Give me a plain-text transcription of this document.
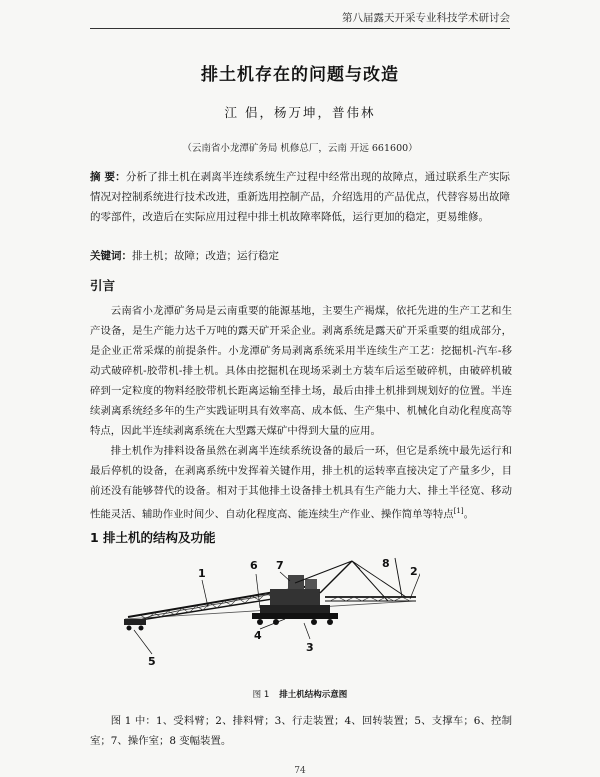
第八届露天开采专业科技学术研讨会
排土机存在的问题与改造
江 侣，杨万坤，普伟林
（云南省小龙潭矿务局 机修总厂，云南 开远 661600）
摘 要：分析了排土机在剥离半连续系统生产过程中经常出现的故障点，通过联系生产实际情况对控制系统进行技术改进，重新选用控制产品，介绍选用的产品优点，代替容易出故障的零部件，改造后在实际应用过程中排土机故障率降低，运行更加的稳定，更易维修。
关键词：排土机；故障；改造；运行稳定
引言

云南省小龙潭矿务局是云南重要的能源基地，主要生产褐煤，依托先进的生产工艺和生产设备，是生产能力达千万吨的露天矿开采企业。剥离系统是露天矿开采重要的组成部分，是企业正常采煤的前提条件。小龙潭矿务局剥离系统采用半连续生产工艺：挖掘机-汽车-移动式破碎机-胶带机-排土机。具体由挖掘机在现场采剥土方装车后运至破碎机，由破碎机破碎到一定粒度的物料经胶带机长距离运输至排土场，最后由排土机排到规划好的位置。半连续剥离系统经多年的生产实践证明具有效率高、成本低、生产集中、机械化自动化程度高等特点，因此半连续剥离系统在大型露天煤矿中得到大量的应用。

排土机作为排料设备虽然在剥离半连续系统设备的最后一环，但它是系统中最先运行和最后停机的设备，在剥离系统中发挥着关键作用，排土机的运转率直接决定了产量多少，目前还没有能够替代的设备。相对于其他排土设备排土机具有生产能力大、排土半径宽、移动性能灵活、辅助作业时间少、自动化程度高、能连续生产作业、操作简单等特点[1]。

1 排土机的结构及功能
1	2
3
4
5
6 7	8
图 1 排土机结构示意图
图 1 中：1、受料臂；2、排料臂；3、行走装置；4、回转装置；5、支撑车；6、控制室；7、操作室；8 变幅装置。
74
